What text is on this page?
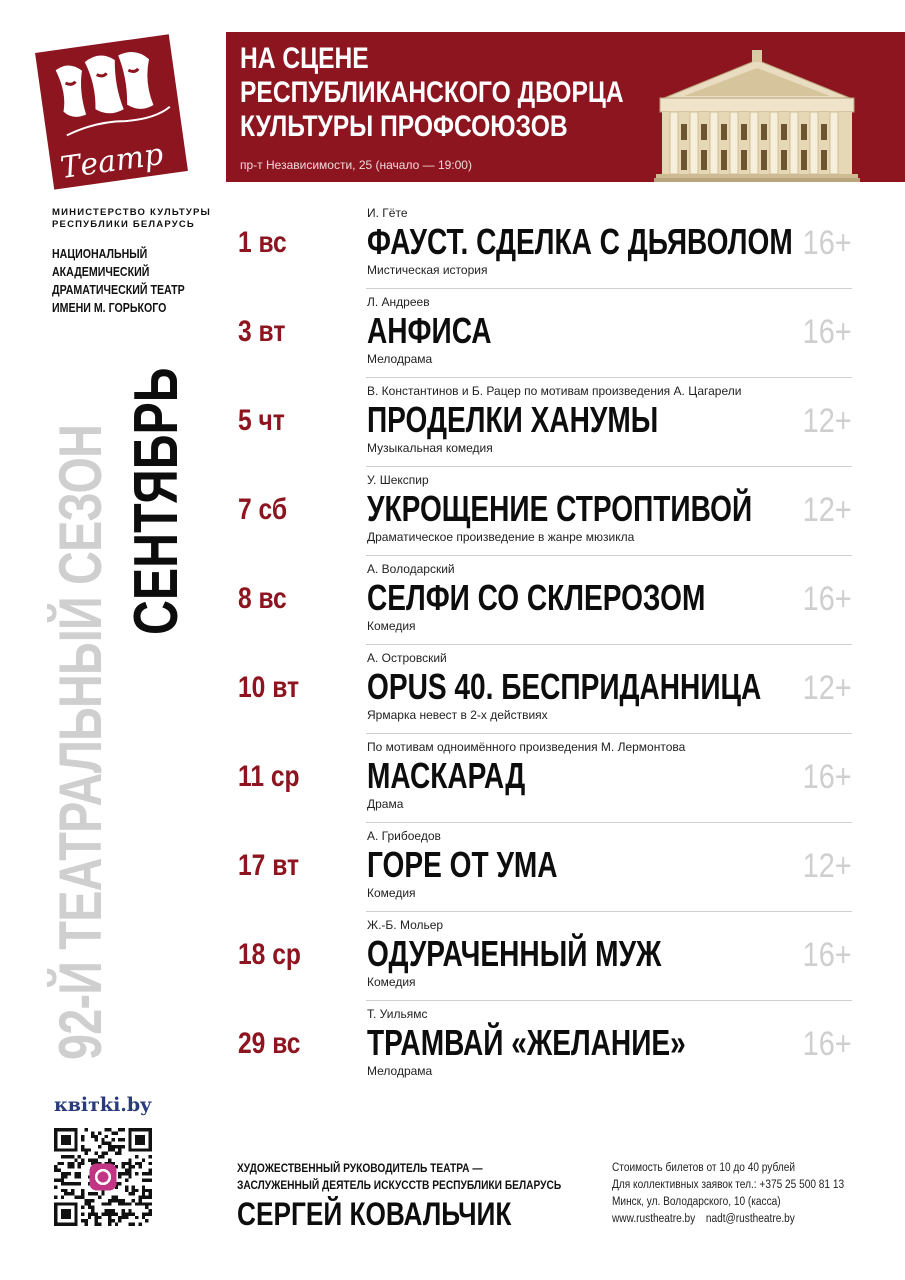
Театр
МИНИСТЕРСТВО КУЛЬТУРЫ
РЕСПУБЛИКИ БЕЛАРУСЬ
НАЦИОНАЛЬНЫЙ
АКАДЕМИЧЕСКИЙ
ДРАМАТИЧЕСКИЙ ТЕАТР
ИМЕНИ М. ГОРЬКОГО
92-Й ТЕАТРАЛЬНЫЙ СЕЗОН СЕНТЯБРЬ
НА СЦЕНЕ
РЕСПУБЛИКАНСКОГО ДВОРЦА
КУЛЬТУРЫ ПРОФСОЮЗОВ
пр-т Независимости, 25 (начало — 19:00)
1 вс
И. Гёте
ФАУСТ. СДЕЛКА С ДЬЯВОЛОМ
Мистическая история
16+
3 вт
Л. Андреев
АНФИСА
Мелодрама
16+
5 чт
В. Константинов и Б. Рацер по мотивам произведения А. Цагарели
ПРОДЕЛКИ ХАНУМЫ
Музыкальная комедия
12+
7 сб
У. Шекспир
УКРОЩЕНИЕ СТРОПТИВОЙ
Драматическое произведение в жанре мюзикла
12+
8 вс
А. Володарский
СЕЛФИ СО СКЛЕРОЗОМ
Комедия
16+
10 вт
А. Островский
OPUS 40. БЕСПРИДАННИЦА
Ярмарка невест в 2-х действиях
12+
11 ср
По мотивам одноимённого произведения М. Лермонтова
МАСКАРАД
Драма
16+
17 вт
А. Грибоедов
ГОРЕ ОТ УМА
Комедия
12+
18 ср
Ж.-Б. Мольер
ОДУРАЧЕННЫЙ МУЖ
Комедия
16+
29 вс
Т. Уильямс
ТРАМВАЙ «ЖЕЛАНИЕ»
Мелодрама
16+
квiтki.by
ХУДОЖЕСТВЕННЫЙ РУКОВОДИТЕЛЬ ТЕАТРА —
ЗАСЛУЖЕННЫЙ ДЕЯТЕЛЬ ИСКУССТВ РЕСПУБЛИКИ БЕЛАРУСЬ
СЕРГЕЙ КОВАЛЬЧИК
Стоимость билетов от 10 до 40 рублей
Для коллективных заявок тел.: +375 25 500 81 13
Минск, ул. Володарского, 10 (касса)
www.rustheatre.by nadt@rustheatre.by
